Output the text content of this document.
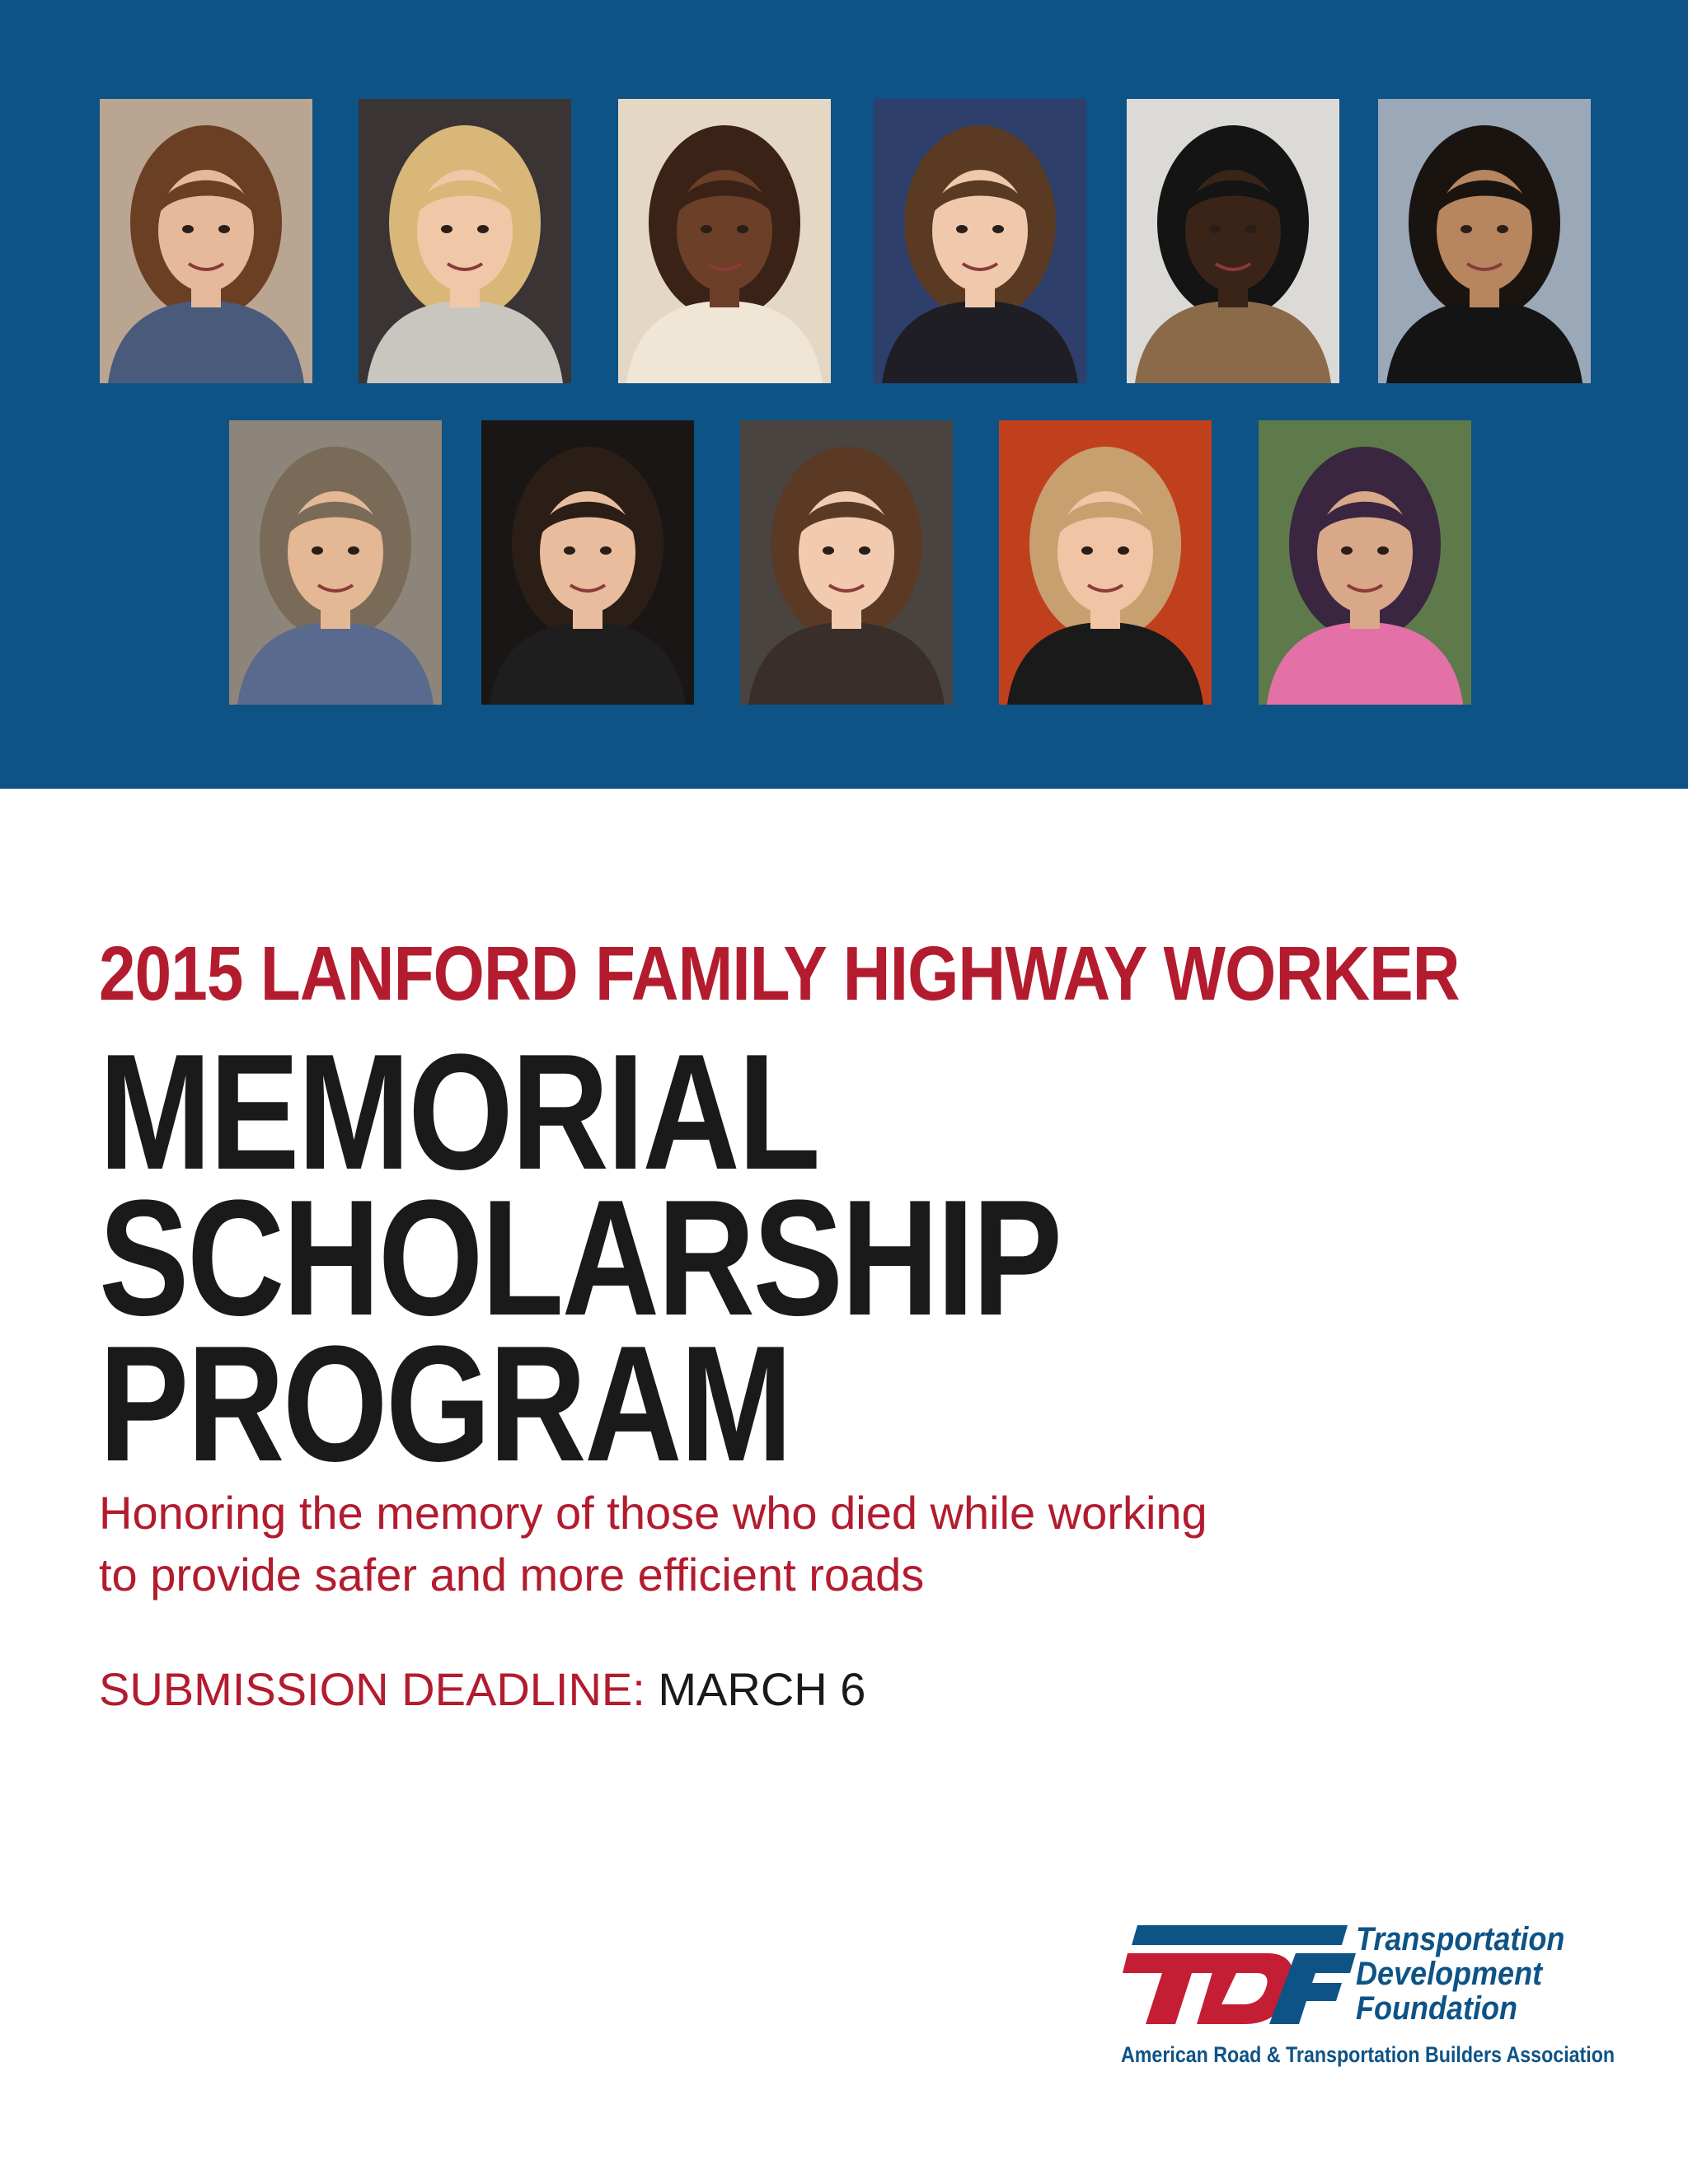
2015 LANFORD FAMILY HIGHWAY WORKER

MEMORIAL

SCHOLARSHIP

PROGRAM

Honoring the memory of those who died while working

to provide safer and more efficient roads

SUBMISSION DEADLINE: MARCH 6

Transportation
Development
Foundation
American Road & Transportation Builders Association
